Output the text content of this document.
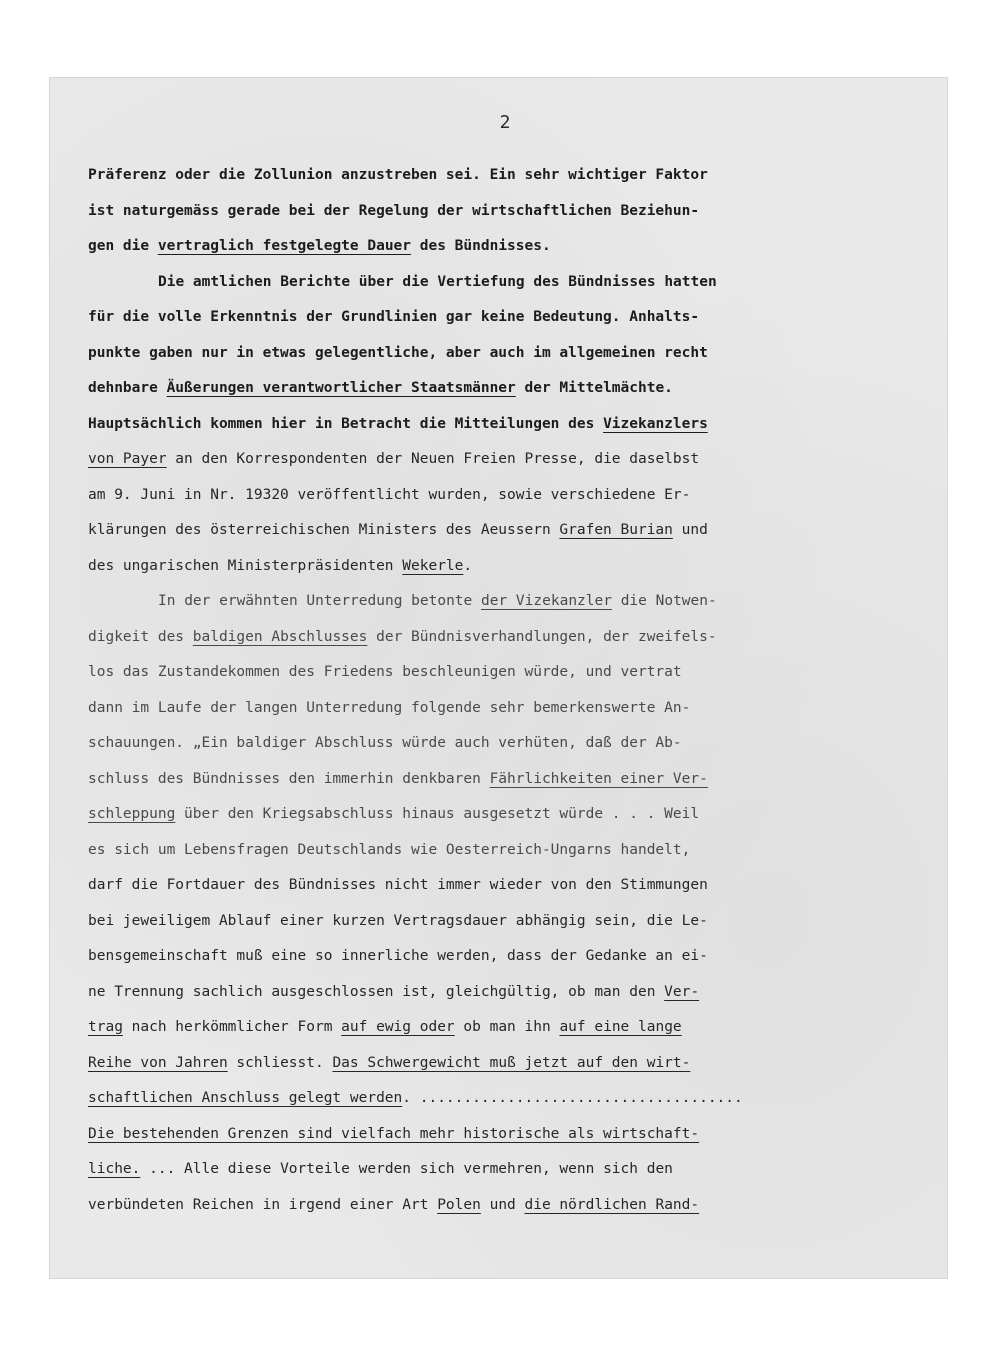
2
Präferenz oder die Zollunion anzustreben sei. Ein sehr wichtiger Faktor
ist naturgemäss gerade bei der Regelung der wirtschaftlichen Beziehun-
gen die vertraglich festgelegte Dauer des Bündnisses.
Die amtlichen Berichte über die Vertiefung des Bündnisses hatten
für die volle Erkenntnis der Grundlinien gar keine Bedeutung. Anhalts-
punkte gaben nur in etwas gelegentliche, aber auch im allgemeinen recht
dehnbare Äußerungen verantwortlicher Staatsmänner der Mittelmächte.
Hauptsächlich kommen hier in Betracht die Mitteilungen des Vizekanzlers
von Payer an den Korrespondenten der Neuen Freien Presse, die daselbst
am 9. Juni in Nr. 19320 veröffentlicht wurden, sowie verschiedene Er-
klärungen des österreichischen Ministers des Aeussern Grafen Burian und
des ungarischen Ministerpräsidenten Wekerle.
In der erwähnten Unterredung betonte der Vizekanzler die Notwen-
digkeit des baldigen Abschlusses der Bündnisverhandlungen, der zweifels-
los das Zustandekommen des Friedens beschleunigen würde, und vertrat
dann im Laufe der langen Unterredung folgende sehr bemerkenswerte An-
schauungen. „Ein baldiger Abschluss würde auch verhüten, daß der Ab-
schluss des Bündnisses den immerhin denkbaren Fährlichkeiten einer Ver-
schleppung über den Kriegsabschluss hinaus ausgesetzt würde . . . Weil
es sich um Lebensfragen Deutschlands wie Oesterreich-Ungarns handelt,
darf die Fortdauer des Bündnisses nicht immer wieder von den Stimmungen
bei jeweiligem Ablauf einer kurzen Vertragsdauer abhängig sein, die Le-
bensgemeinschaft muß eine so innerliche werden, dass der Gedanke an ei-
ne Trennung sachlich ausgeschlossen ist, gleichgültig, ob man den Ver-
trag nach herkömmlicher Form auf ewig oder ob man ihn auf eine lange
Reihe von Jahren schliesst. Das Schwergewicht muß jetzt auf den wirt-
schaftlichen Anschluss gelegt werden. .....................................
Die bestehenden Grenzen sind vielfach mehr historische als wirtschaft-
liche. ... Alle diese Vorteile werden sich vermehren, wenn sich den
verbündeten Reichen in irgend einer Art Polen und die nördlichen Rand-
